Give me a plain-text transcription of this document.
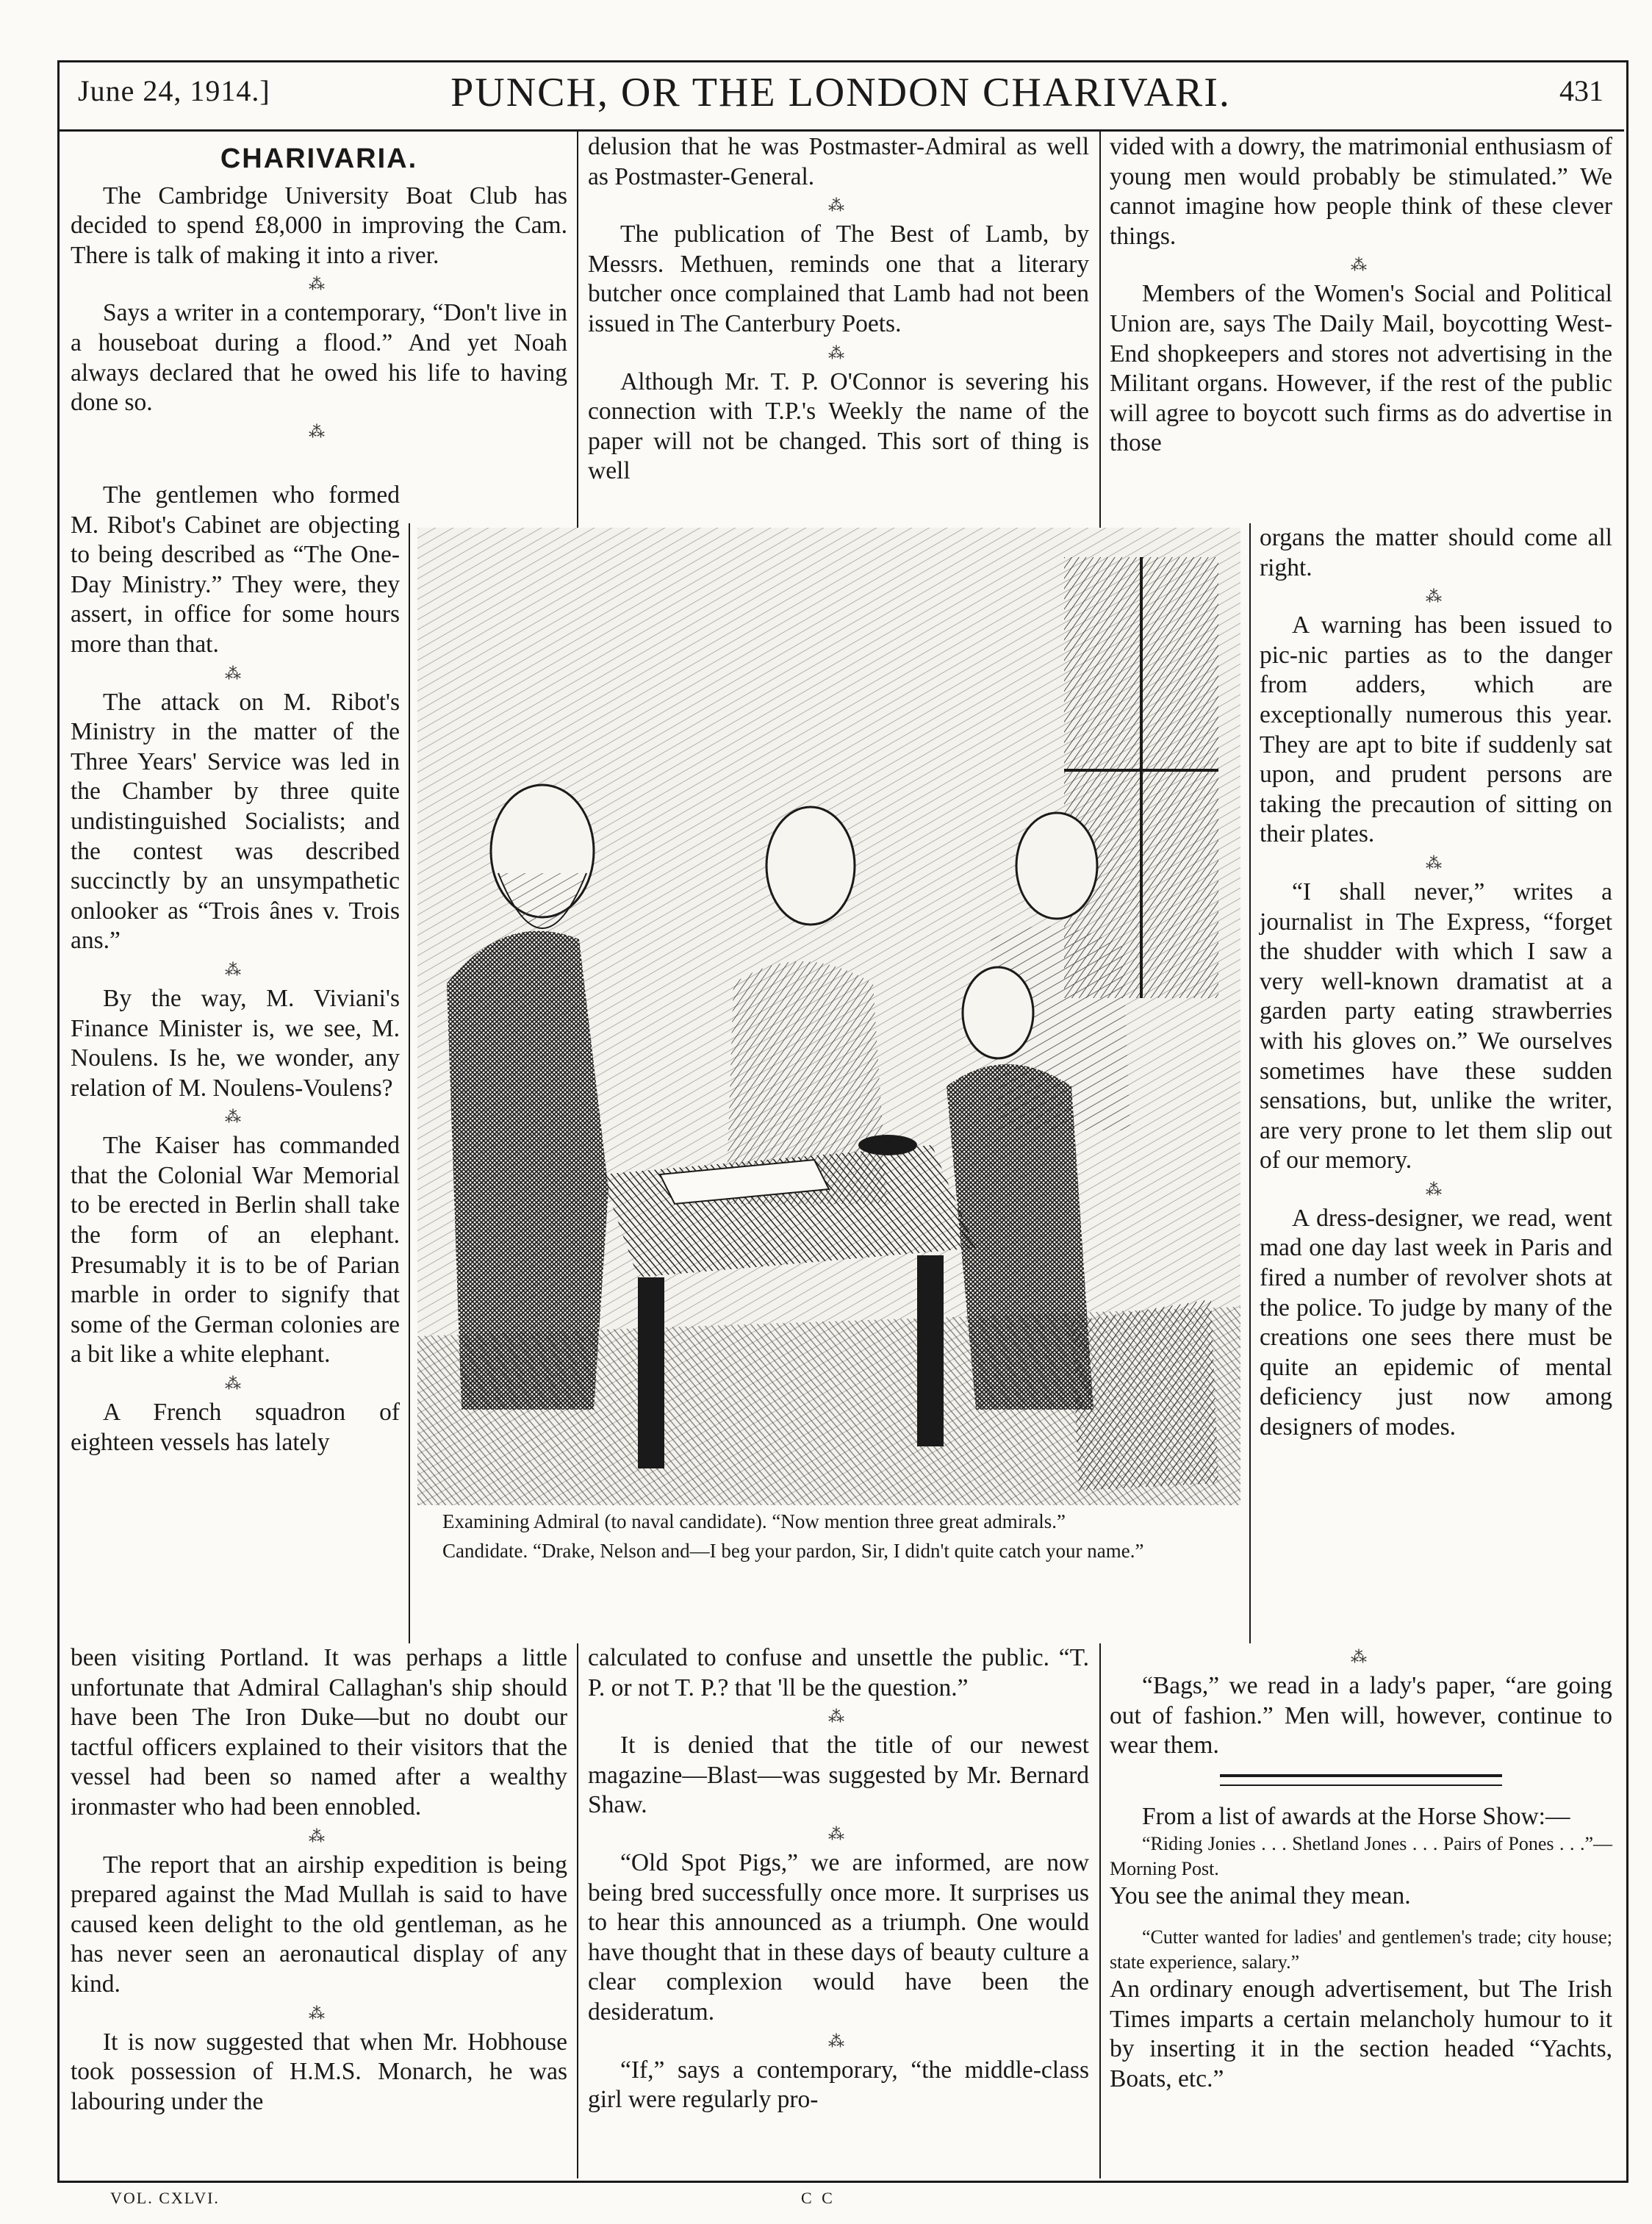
June 24, 1914.]	PUNCH, OR THE LONDON CHARIVARI.	431
CHARIVARIA.

The Cambridge University Boat Club has decided to spend £8,000 in improving the Cam. There is talk of making it into a river.

⁂

Says a writer in a contemporary, “Don't live in a houseboat during a flood.” And yet Noah always declared that he owed his life to having done so.

⁂

The gentlemen who formed M. Ribot's Cabinet are objecting to being described as “The One-Day Ministry.” They were, they assert, in office for some hours more than that.

⁂

The attack on M. Ribot's Ministry in the matter of the Three Years' Service was led in the Chamber by three quite undistinguished Socialists; and the contest was described succinctly by an unsympathetic onlooker as “Trois ânes v. Trois ans.”

⁂

By the way, M. Viviani's Finance Minister is, we see, M. Noulens. Is he, we wonder, any relation of M. Noulens-Voulens?

⁂

The Kaiser has commanded that the Colonial War Memorial to be erected in Berlin shall take the form of an elephant. Presumably it is to be of Parian marble in order to signify that some of the German colonies are a bit like a white elephant.

⁂

A French squadron of eighteen vessels has lately

delusion that he was Postmaster-Admiral as well as Postmaster-General.

⁂

The publication of The Best of Lamb, by Messrs. Methuen, reminds one that a literary butcher once complained that Lamb had not been issued in The Canterbury Poets.

⁂

Although Mr. T. P. O'Connor is severing his connection with T.P.'s Weekly the name of the paper will not be changed. This sort of thing is well

vided with a dowry, the matrimonial enthusiasm of young men would probably be stimulated.” We cannot imagine how people think of these clever things.

⁂

Members of the Women's Social and Political Union are, says The Daily Mail, boycotting West-End shopkeepers and stores not advertising in the Militant organs. However, if the rest of the public will agree to boycott such firms as do advertise in those

organs the matter should come all right.

⁂

A warning has been issued to pic-nic parties as to the danger from adders, which are exceptionally numerous this year. They are apt to bite if suddenly sat upon, and prudent persons are taking the precaution of sitting on their plates.

⁂

“I shall never,” writes a journalist in The Express, “forget the shudder with which I saw a very well-known dramatist at a garden party eating strawberries with his gloves on.” We ourselves sometimes have these sudden sensations, but, unlike the writer, are very prone to let them slip out of our memory.

⁂

A dress-designer, we read, went mad one day last week in Paris and fired a number of revolver shots at the police. To judge by many of the creations one sees there must be quite an epidemic of mental deficiency just now among designers of modes.

Examining Admiral (to naval candidate). “Now mention three great admirals.”

Candidate. “Drake, Nelson and—I beg your pardon, Sir, I didn't quite catch your name.”

been visiting Portland. It was perhaps a little unfortunate that Admiral Callaghan's ship should have been The Iron Duke—but no doubt our tactful officers explained to their visitors that the vessel had been so named after a wealthy ironmaster who had been ennobled.

⁂

The report that an airship expedition is being prepared against the Mad Mullah is said to have caused keen delight to the old gentleman, as he has never seen an aeronautical display of any kind.

⁂

It is now suggested that when Mr. Hobhouse took possession of H.M.S. Monarch, he was labouring under the

calculated to confuse and unsettle the public. “T. P. or not T. P.? that 'll be the question.”

⁂

It is denied that the title of our newest magazine—Blast—was suggested by Mr. Bernard Shaw.

⁂

“Old Spot Pigs,” we are informed, are now being bred successfully once more. It surprises us to hear this announced as a triumph. One would have thought that in these days of beauty culture a clear complexion would have been the desideratum.

⁂

“If,” says a contemporary, “the middle-class girl were regularly pro-

⁂

“Bags,” we read in a lady's paper, “are going out of fashion.” Men will, however, continue to wear them.

From a list of awards at the Horse Show:—

“Riding Jonies . . . Shetland Jones . . . Pairs of Pones . . .”—Morning Post.

You see the animal they mean.

“Cutter wanted for ladies' and gentlemen's trade; city house; state experience, salary.”

An ordinary enough advertisement, but The Irish Times imparts a certain melancholy humour to it by inserting it in the section headed “Yachts, Boats, etc.”

VOL. CXLVI.	C C
